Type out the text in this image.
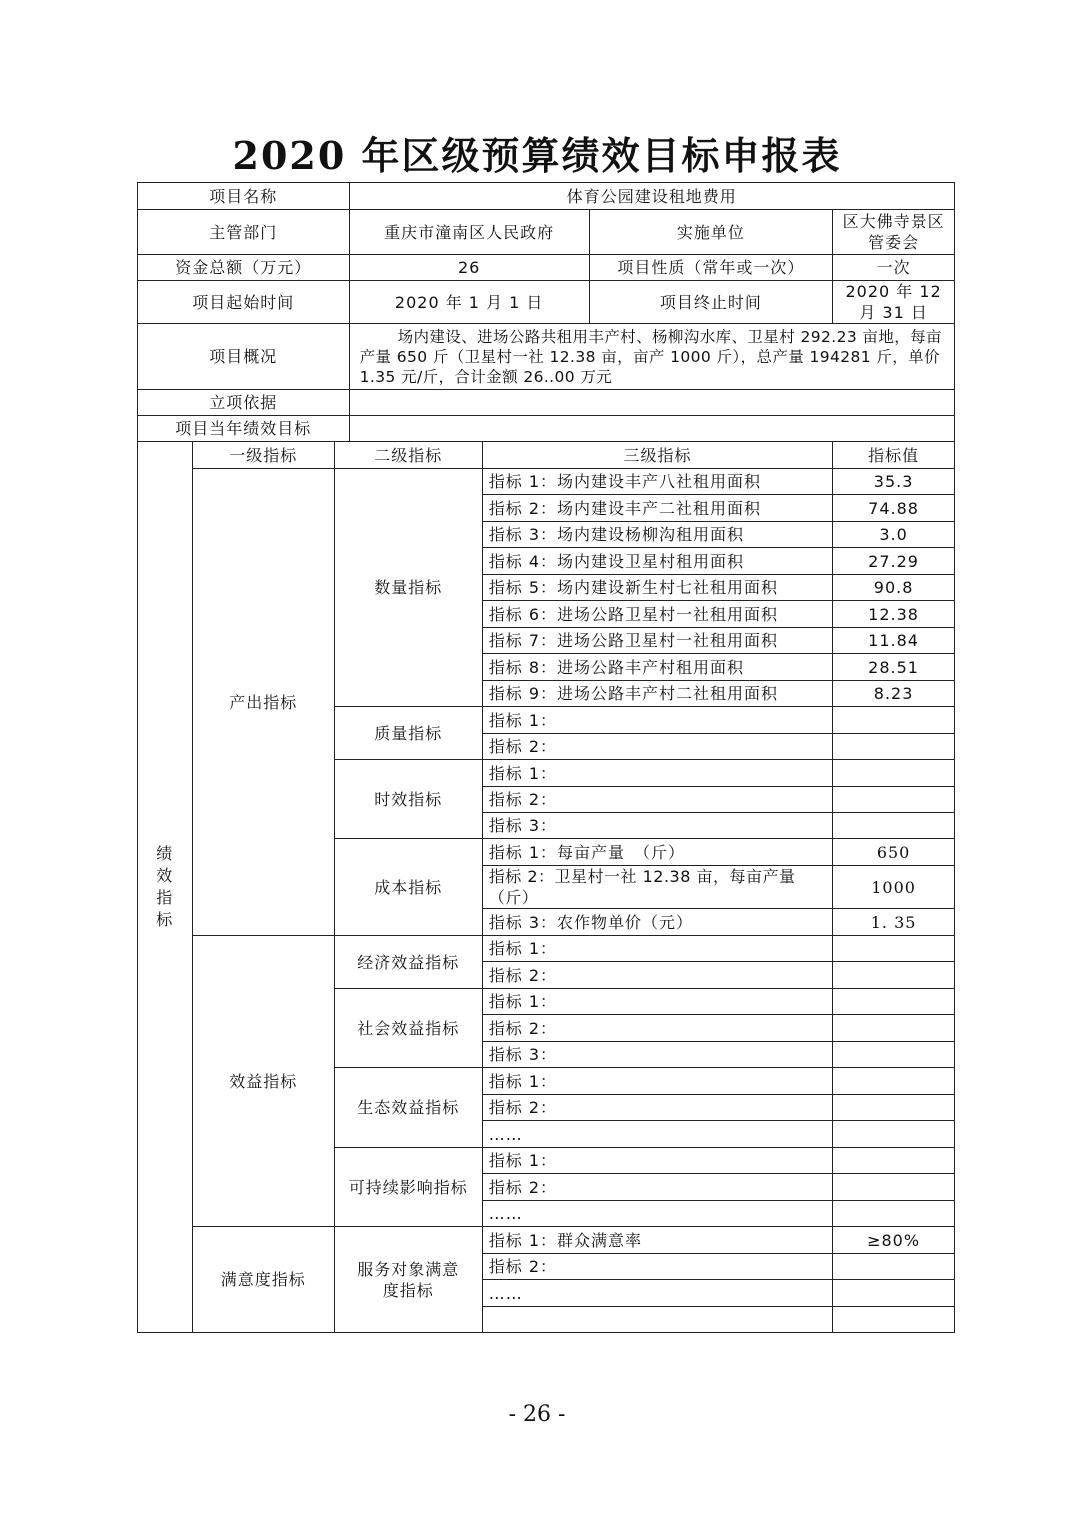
2020 年区级预算绩效目标申报表
项目名称			体育公园建设租地费用			
主管部门			重庆市潼南区人民政府		实施单位	区大佛寺景区管委会
资金总额（万元）			26		项目性质（常年或一次）	一次
项目起始时间			2020 年 1 月 1 日		项目终止时间	2020 年 12 月 31 日
项目概况			场内建设、进场公路共租用丰产村、杨柳沟水库、卫星村 292.23 亩地，每亩产量 650 斤（卫星村一社 12.38 亩，亩产 1000 斤），总产量 194281 斤，单价 1.35 元/斤，合计金额 26..00 万元			
立项依据						
项目当年绩效目标						
绩效指标	一级指标	二级指标		三级指标		指标值
	产出指标	数量指标		指标 1：场内建设丰产八社租用面积		35.3
				指标 2：场内建设丰产二社租用面积		74.88
				指标 3：场内建设杨柳沟租用面积		3.0
				指标 4：场内建设卫星村租用面积		27.29
				指标 5：场内建设新生村七社租用面积		90.8
				指标 6：进场公路卫星村一社租用面积		12.38
				指标 7：进场公路卫星村一社租用面积		11.84
				指标 8：进场公路丰产村租用面积		28.51
				指标 9：进场公路丰产村二社租用面积		8.23
		质量指标		指标 1：		
				指标 2：		
		时效指标		指标 1：		
				指标 2：		
				指标 3：		
		成本指标		指标 1：每亩产量　（斤）		650
				指标 2：卫星村一社 12.38 亩，每亩产量　（斤）		1000
				指标 3：农作物单价（元）		1. 35
	效益指标	经济效益指标		指标 1：		
				指标 2：		
		社会效益指标		指标 1：		
				指标 2：		
				指标 3：		
		生态效益指标		指标 1：		
				指标 2：		
				……		
		可持续影响指标		指标 1：		
				指标 2：		
				……		
	满意度指标	服务对象满意度指标		指标 1：群众满意率		≥80%
				指标 2：		
				……		

- 26 -
